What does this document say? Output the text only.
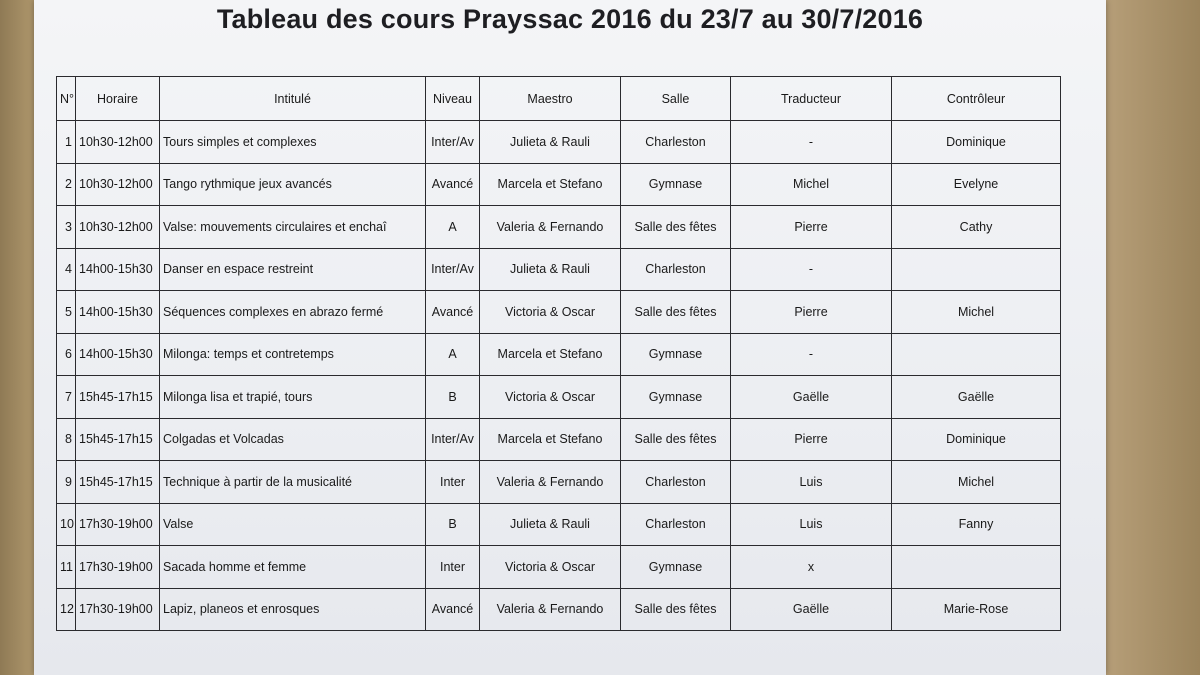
Tableau des cours Prayssac 2016 du 23/7 au 30/7/2016
N°	Horaire	Intitulé	Niveau	Maestro	Salle	Traducteur	Contrôleur
1	10h30-12h00	Tours simples et complexes	Inter/Av	Julieta & Rauli	Charleston	-	Dominique
2	10h30-12h00	Tango rythmique jeux avancés	Avancé	Marcela et Stefano	Gymnase	Michel	Evelyne
3	10h30-12h00	Valse: mouvements circulaires et enchaî	A	Valeria & Fernando	Salle des fêtes	Pierre	Cathy
4	14h00-15h30	Danser en espace restreint	Inter/Av	Julieta & Rauli	Charleston	-	
5	14h00-15h30	Séquences complexes en abrazo fermé	Avancé	Victoria & Oscar	Salle des fêtes	Pierre	Michel
6	14h00-15h30	Milonga: temps et contretemps	A	Marcela et Stefano	Gymnase	-	
7	15h45-17h15	Milonga lisa et trapié, tours	B	Victoria & Oscar	Gymnase	Gaëlle	Gaëlle
8	15h45-17h15	Colgadas et Volcadas	Inter/Av	Marcela et Stefano	Salle des fêtes	Pierre	Dominique
9	15h45-17h15	Technique à partir de la musicalité	Inter	Valeria & Fernando	Charleston	Luis	Michel
10	17h30-19h00	Valse	B	Julieta & Rauli	Charleston	Luis	Fanny
11	17h30-19h00	Sacada homme et femme	Inter	Victoria & Oscar	Gymnase	x	
12	17h30-19h00	Lapiz, planeos et enrosques	Avancé	Valeria & Fernando	Salle des fêtes	Gaëlle	Marie-Rose
